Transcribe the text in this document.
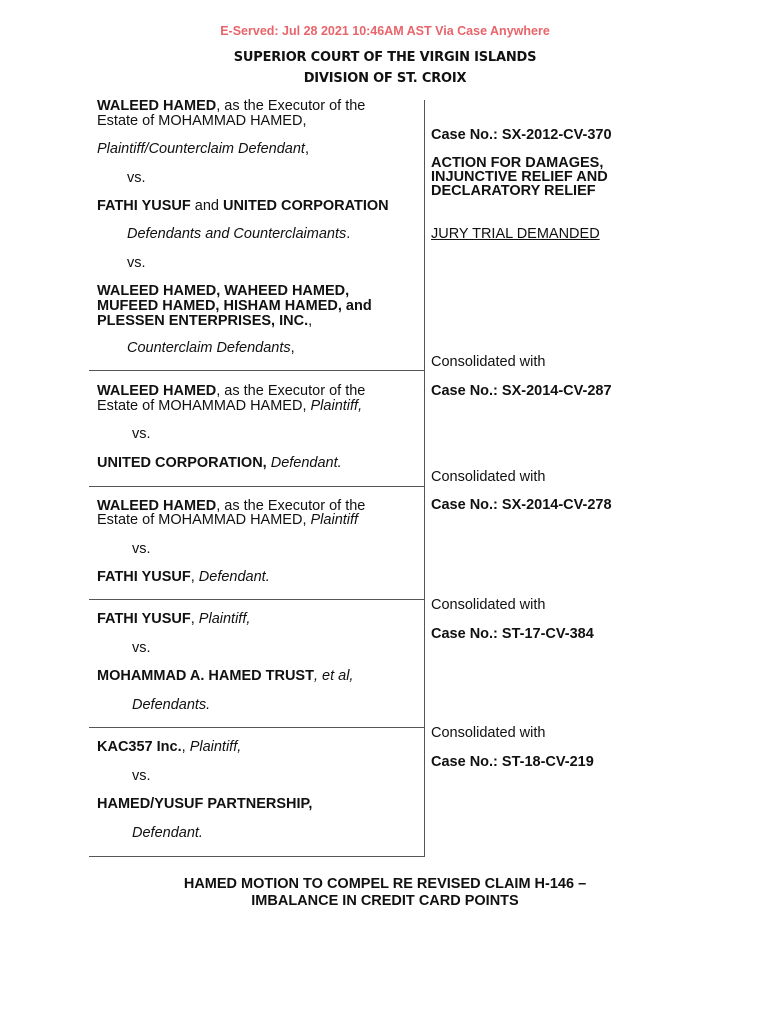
E-Served: Jul 28 2021 10:46AM AST Via Case Anywhere
SUPERIOR COURT OF THE VIRGIN ISLANDS
DIVISION OF ST. CROIX
WALEED HAMED, as the Executor of the
Estate of MOHAMMAD HAMED,
Plaintiff/Counterclaim Defendant,
vs.
FATHI YUSUF and UNITED CORPORATION
Defendants and Counterclaimants.
vs.
WALEED HAMED, WAHEED HAMED,
MUFEED HAMED, HISHAM HAMED, and
PLESSEN ENTERPRISES, INC.,
Counterclaim Defendants,
Case No.: SX-2012-CV-370
ACTION FOR DAMAGES,
INJUNCTIVE RELIEF AND
DECLARATORY RELIEF
JURY TRIAL DEMANDED
Consolidated with
WALEED HAMED, as the Executor of the
Estate of MOHAMMAD HAMED, Plaintiff,
vs.
UNITED CORPORATION, Defendant.
Case No.: SX-2014-CV-287
Consolidated with
WALEED HAMED, as the Executor of the
Estate of MOHAMMAD HAMED, Plaintiff
vs.
FATHI YUSUF, Defendant.
Case No.: SX-2014-CV-278
Consolidated with
FATHI YUSUF, Plaintiff,
vs.
MOHAMMAD A. HAMED TRUST, et al,
Defendants.
Case No.: ST-17-CV-384
Consolidated with
KAC357 Inc., Plaintiff,
vs.
HAMED/YUSUF PARTNERSHIP,
Defendant.
Case No.: ST-18-CV-219
HAMED MOTION TO COMPEL RE REVISED CLAIM H-146 –
IMBALANCE IN CREDIT CARD POINTS
